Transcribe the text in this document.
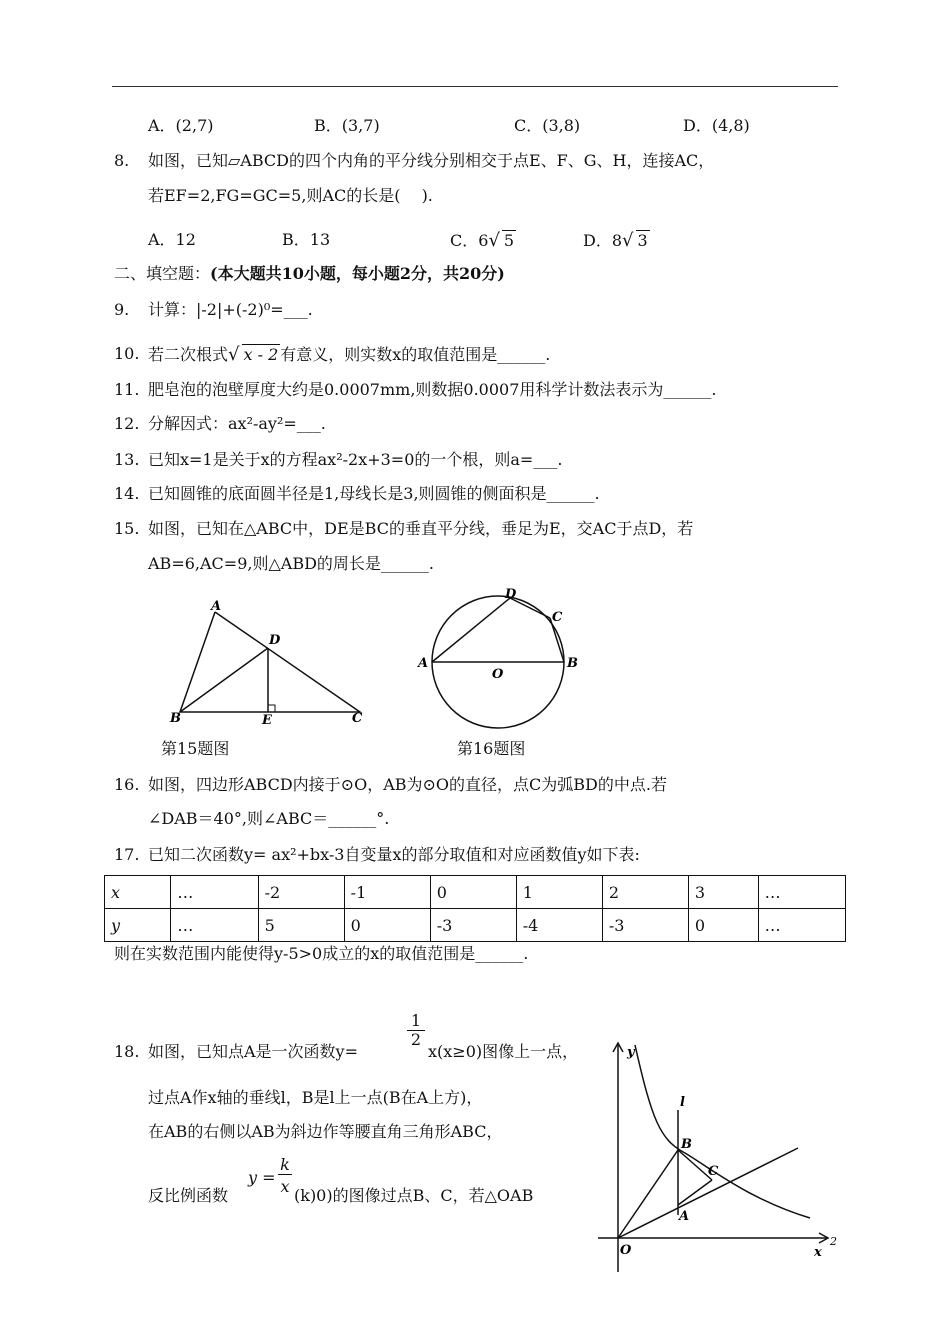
A．(2,7)	B．(3,7)	C．(3,8)	D．(4,8)
8. 如图，已知▱ABCD的四个内角的平分线分别相交于点E、F、G、H，连接AC，
若EF=2,FG=GC=5,则AC的长是(　 ).
A．12	B．13	C．6√ 5	D．8√ 3
二、填空题：(本大题共10小题，每小题2分，共20分)
9. 计算：|-2|+(-2)⁰=___.
10. 若二次根式√ x - 2 有意义，则实数x的取值范围是______.
11. 肥皂泡的泡壁厚度大约是0.0007mm,则数据0.0007用科学计数法表示为______.
12. 分解因式：ax²-ay²=___.
13. 已知x=1是关于x的方程ax²-2x+3=0的一个根，则a=___.
14. 已知圆锥的底面圆半径是1,母线长是3,则圆锥的侧面积是______.
15. 如图，已知在△ABC中，DE是BC的垂直平分线，垂足为E，交AC于点D，若
AB=6,AC=9,则△ABD的周长是______.
A
B	C
D
E
第15题图
A	B
C
D
O
第16题图
16. 如图，四边形ABCD内接于⊙O，AB为⊙O的直径，点C为弧BD的中点.若
∠DAB＝40°,则∠ABC＝______°.
17. 已知二次函数y= ax²+bx-3自变量x的部分取值和对应函数值y如下表:
x	…	-2	-1	0	1	2	3	…
y	…	5	0	-3	-4	-3	0	…
则在实数范围内能使得y-5>0成立的x的取值范围是______.
18. 如图，已知点A是一次函数y=
$\frac{1}{2}$
x(x≥0)图像上一点，
过点A作x轴的垂线l，B是l上一点(B在A上方)，
在AB的右侧以AB为斜边作等腰直角三角形ABC，
反比例函数
y =
k
x (k)0)的图像过点B、C，若△OAB
y
x
O
l
A
B
C
2
